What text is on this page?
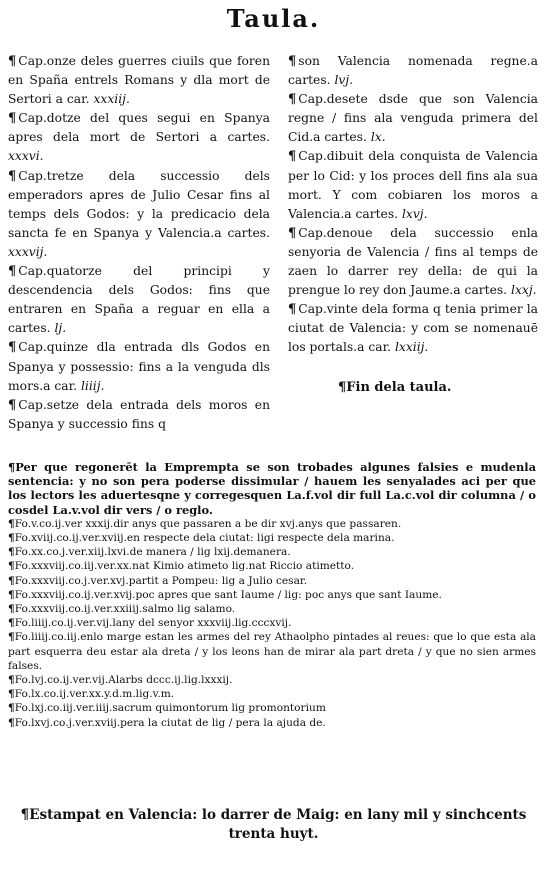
Taula.

¶ Cap.onze deles guerres ciuils que foren en Spaña entrels Romans y dla mort de Sertori a car. xxxiij.

¶ Cap.dotze del ques segui en Spanya apres dela mort de Sertori a cartes. xxxvi.

¶ Cap.tretze dela successio dels emperadors apres de Julio Cesar fins al temps dels Godos: y la predicacio dela sancta fe en Spanya y Valencia.a cartes. xxxvij.

¶ Cap.quatorze del principi y descendencia dels Godos: fins que entraren en Spaña a reguar en ella a cartes. lj.

¶ Cap.quinze dla entrada dls Godos en Spanya y possessio: fins a la venguda dls mors.a car. liiij.

¶ Cap.setze dela entrada dels moros en Spanya y successio fins q

¶ son Valencia nomenada regne.a cartes. lvj.

¶ Cap.desete dsde que son Valencia regne / fins ala venguda primera del Cid.a cartes. lx.

¶ Cap.dibuit dela conquista de Valencia per lo Cid: y los proces dell fins ala sua mort. Y com cobiaren los moros a Valencia.a cartes. lxvj.

¶ Cap.denoue dela successio enla senyoria de Valencia / fins al temps de zaen lo darrer rey della: de qui la prengue lo rey don Jaume.a cartes. lxxj.

¶ Cap.vinte dela forma q tenia primer la ciutat de Valencia: y com se nomenauē los portals.a car. lxxiij.

¶Fin dela taula.

¶Per que regonerēt la Emprempta se son trobades algunes falsies e mudenla sentencia: y no son pera poderse dissimular / hauem les senyalades aci per que los lectors les aduertesqne y corregesquen La.f.vol dir full La.c.vol dir columna / o cosdel La.v.vol dir vers / o reglo.

¶Fo.v.co.ij.ver xxxij.dir anys que passaren a be dir xvj.anys que passaren.

¶Fo.xviij.co.ij.ver.xviij.en respecte dela ciutat: ligi respecte dela marina.

¶Fo.xx.co.j.ver.xiij.lxvi.de manera / lig lxij.demanera.

¶Fo.xxxviij.co.iij.ver.xx.nat Kimio atimeto lig.nat Riccio atimetto.

¶Fo.xxxviij.co.j.ver.xvj.partit a Pompeu: lig a Julio cesar.

¶Fo.xxxviij.co.ij.ver.xvij.poc apres que sant Iaume / lig: poc anys que sant Iaume.

¶Fo.xxxviij.co.ij.ver.xxiiij.salmo lig salamo.

¶Fo.liiij.co.ij.ver.vij.lany del senyor xxxviij.lig.cccxvij.

¶Fo.liiij.co.iij.enlo marge estan les armes del rey Athaolpho pintades al reues: que lo que esta ala part esquerra deu estar ala dreta / y los leons han de mirar ala part dreta / y que no sien armes falses.

¶Fo.lvj.co.ij.ver.vij.Alarbs dccc.ij.lig.lxxxij.

¶Fo.lx.co.ij.ver.xx.y.d.m.lig.v.m.

¶Fo.lxj.co.iij.ver.iiij.sacrum quimontorum lig promontorium

¶Fo.lxvj.co.j.ver.xviij.pera la ciutat de lig / pera la ajuda de.

¶Estampat en Valencia: lo darrer de Maig: en lany mil y sinchcents
trenta huyt.
